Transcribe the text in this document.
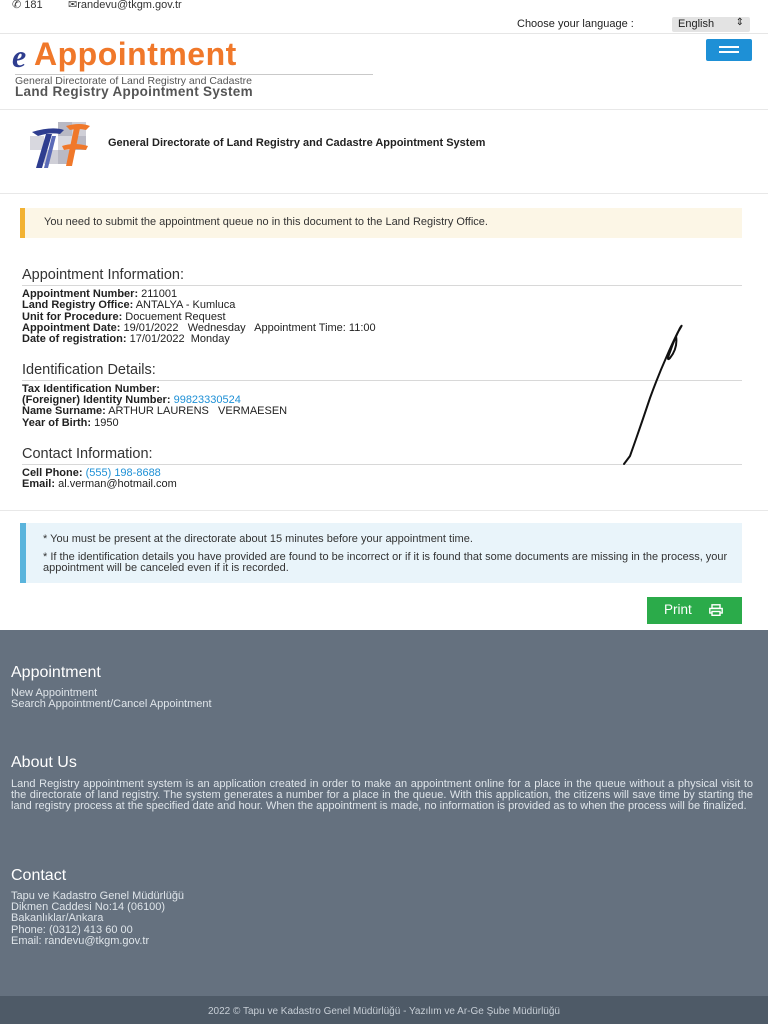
✆ 181 ✉randevu@tkgm.gov.tr
Choose your language :	English ⇕
e Appointment
General Directorate of Land Registry and Cadastre
Land Registry Appointment System
General Directorate of Land Registry and Cadastre Appointment System
You need to submit the appointment queue no in this document to the Land Registry Office.
Appointment Information:
Appointment Number: 211001
Land Registry Office: ANTALYA - Kumluca
Unit for Procedure: Docuement Request
Appointment Date: 19/01/2022 Wednesday Appointment Time: 11:00
Date of registration: 17/01/2022 Monday
Identification Details:
Tax Identification Number:
(Foreigner) Identity Number: 99823330524
Name Surname: ARTHUR LAURENS   VERMAESEN
Year of Birth: 1950
Contact Information:
Cell Phone: (555) 198-8688
Email: al.verman@hotmail.com
* You must be present at the directorate about 15 minutes before your appointment time.
* If the identification details you have provided are found to be incorrect or if it is found that some documents are missing in the process, your appointment will be canceled even if it is recorded.
Print
Appointment
New Appointment
Search Appointment/Cancel Appointment
About Us
Land Registry appointment system is an application created in order to make an appointment online for a place in the queue without a physical visit to the directorate of land registry. The system generates a number for a place in the queue. With this application, the citizens will save time by starting the land registry process at the specified date and hour. When the appointment is made, no information is provided as to when the process will be finalized.
Contact
Tapu ve Kadastro Genel Müdürlüğü
Dikmen Caddesi No:14 (06100)
Bakanlıklar/Ankara
Phone: (0312) 413 60 00
Email: randevu@tkgm.gov.tr
2022 © Tapu ve Kadastro Genel Müdürlüğü - Yazılım ve Ar-Ge Şube Müdürlüğü
